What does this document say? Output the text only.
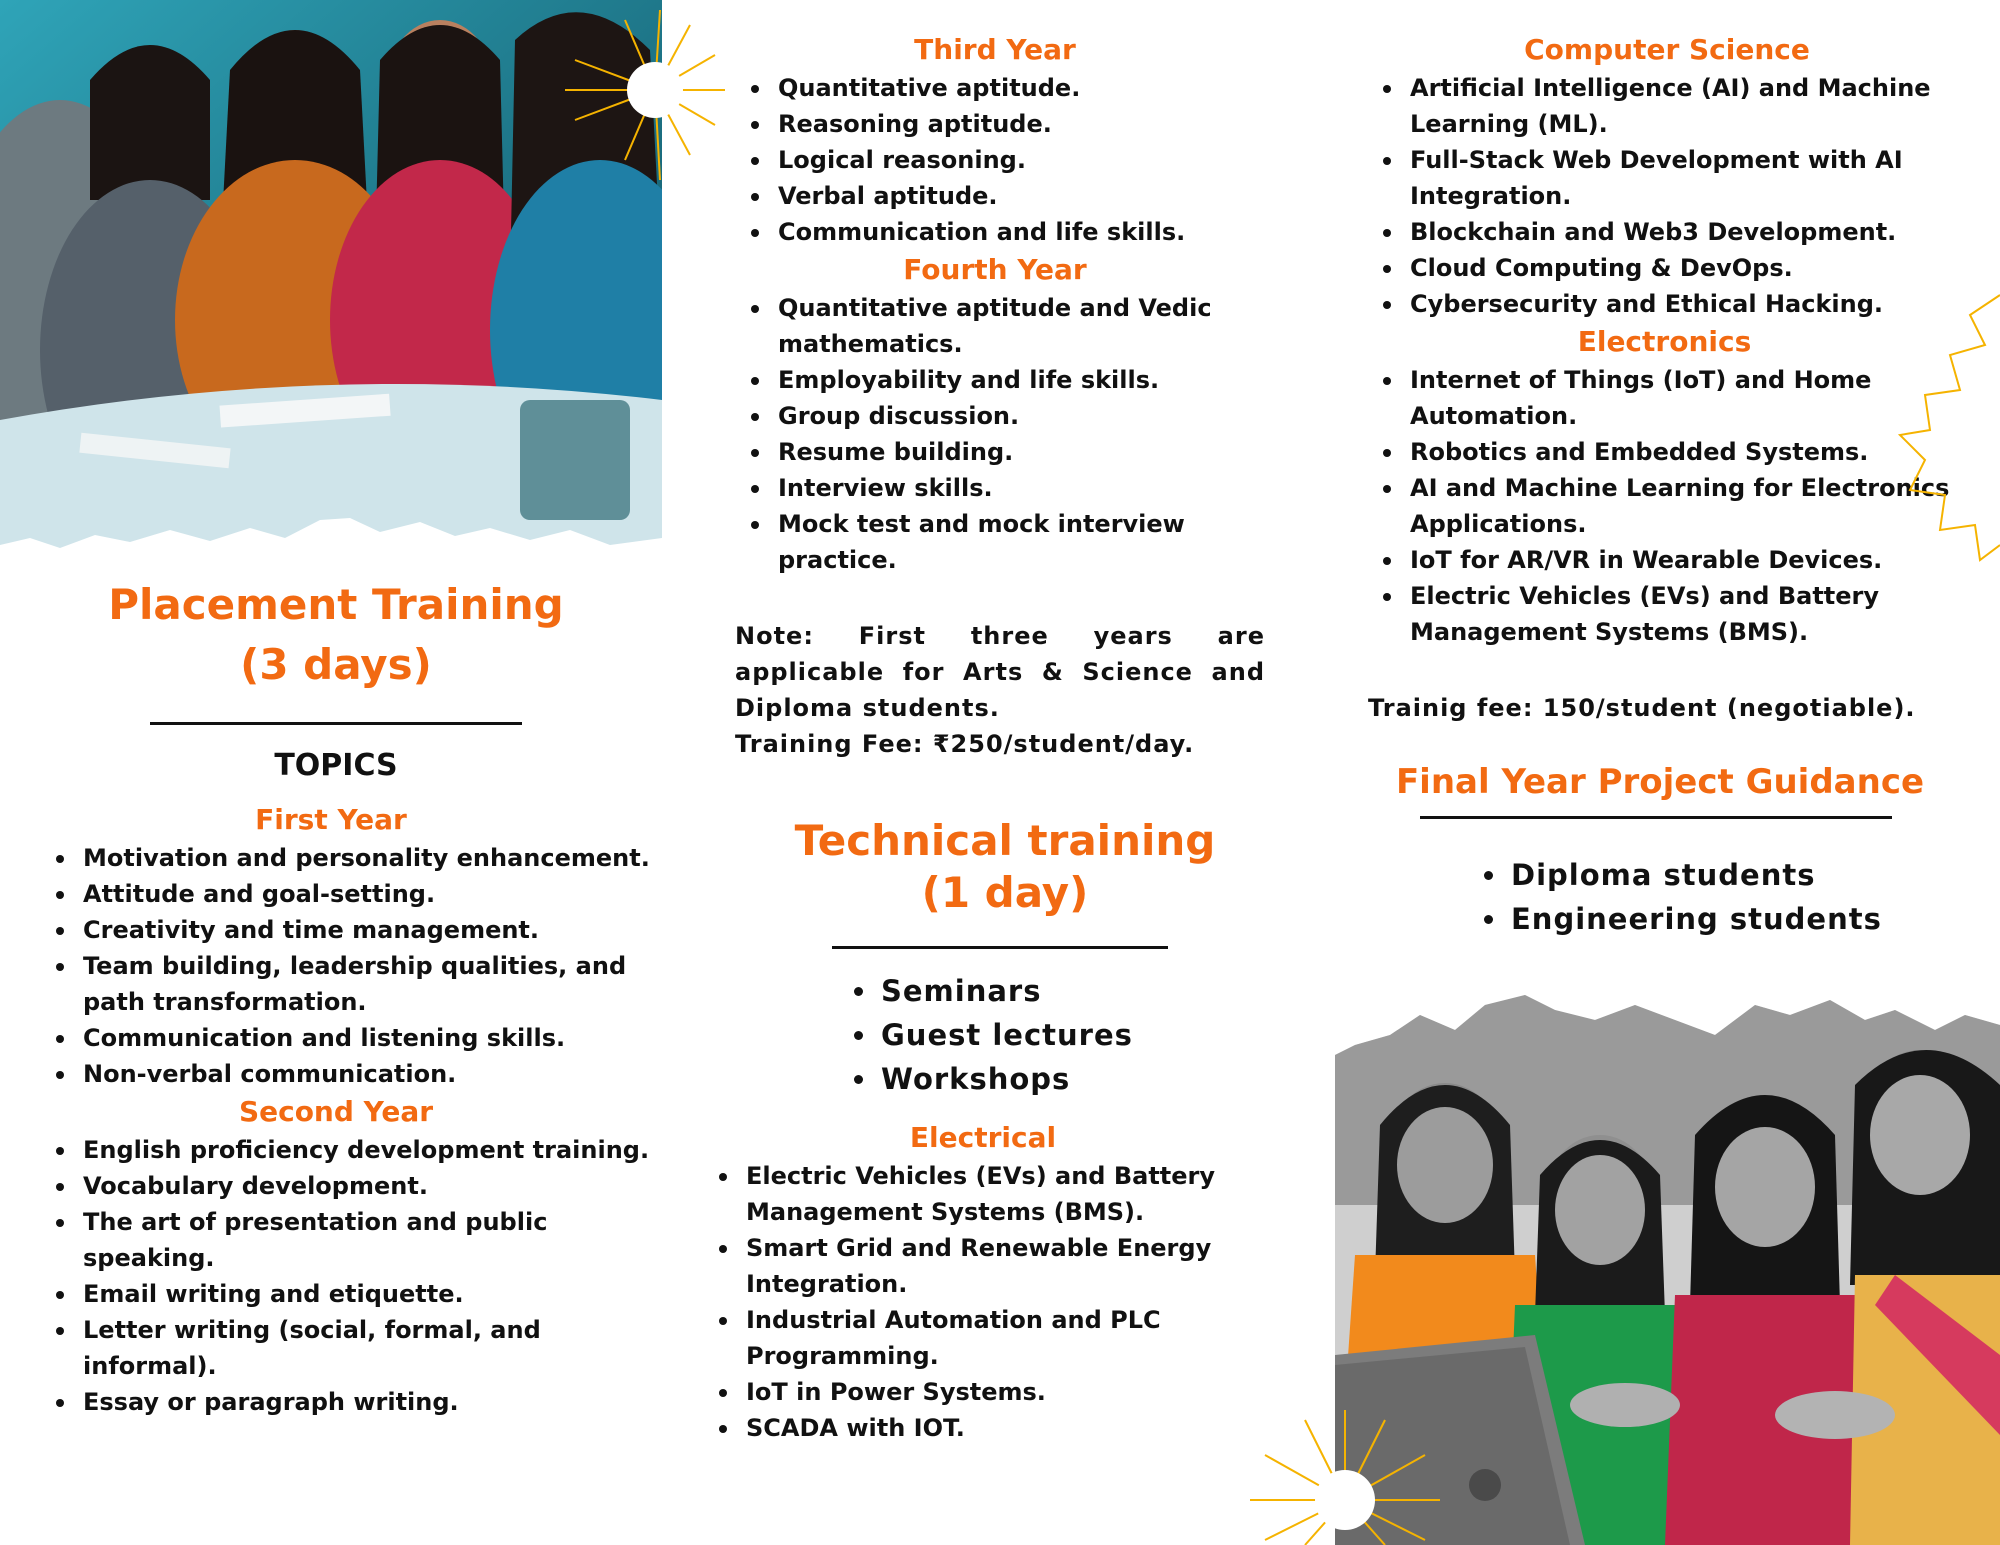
Placement Training
(3 days)
TOPICS
First Year
Motivation and personality enhancement.
Attitude and goal-setting.
Creativity and time management.
Team building, leadership qualities, and path transformation.
Communication and listening skills.
Non-verbal communication.
Second Year
English proficiency development training.
Vocabulary development.
The art of presentation and public speaking.
Email writing and etiquette.
Letter writing (social, formal, and informal).
Essay or paragraph writing.
Third Year
Quantitative aptitude.
Reasoning aptitude.
Logical reasoning.
Verbal aptitude.
Communication and life skills.
Fourth Year
Quantitative aptitude and Vedic mathematics.
Employability and life skills.
Group discussion.
Resume building.
Interview skills.
Mock test and mock interview practice.
Note: First three years are applicable for Arts & Science and Diploma students.
Training Fee: ₹250/student/day.
Technical training
(1 day)
Seminars
Guest lectures
Workshops
Electrical
Electric Vehicles (EVs) and Battery Management Systems (BMS).
Smart Grid and Renewable Energy Integration.
Industrial Automation and PLC Programming.
IoT in Power Systems.
SCADA with IOT.
Computer Science
Artificial Intelligence (AI) and Machine Learning (ML).
Full-Stack Web Development with AI Integration.
Blockchain and Web3 Development.
Cloud Computing & DevOps.
Cybersecurity and Ethical Hacking.
Electronics
Internet of Things (IoT) and Home Automation.
Robotics and Embedded Systems.
AI and Machine Learning for Electronics Applications.
IoT for AR/VR in Wearable Devices.
Electric Vehicles (EVs) and Battery Management Systems (BMS).
Trainig fee: 150/student (negotiable).
Final Year Project Guidance
Diploma students
Engineering students
